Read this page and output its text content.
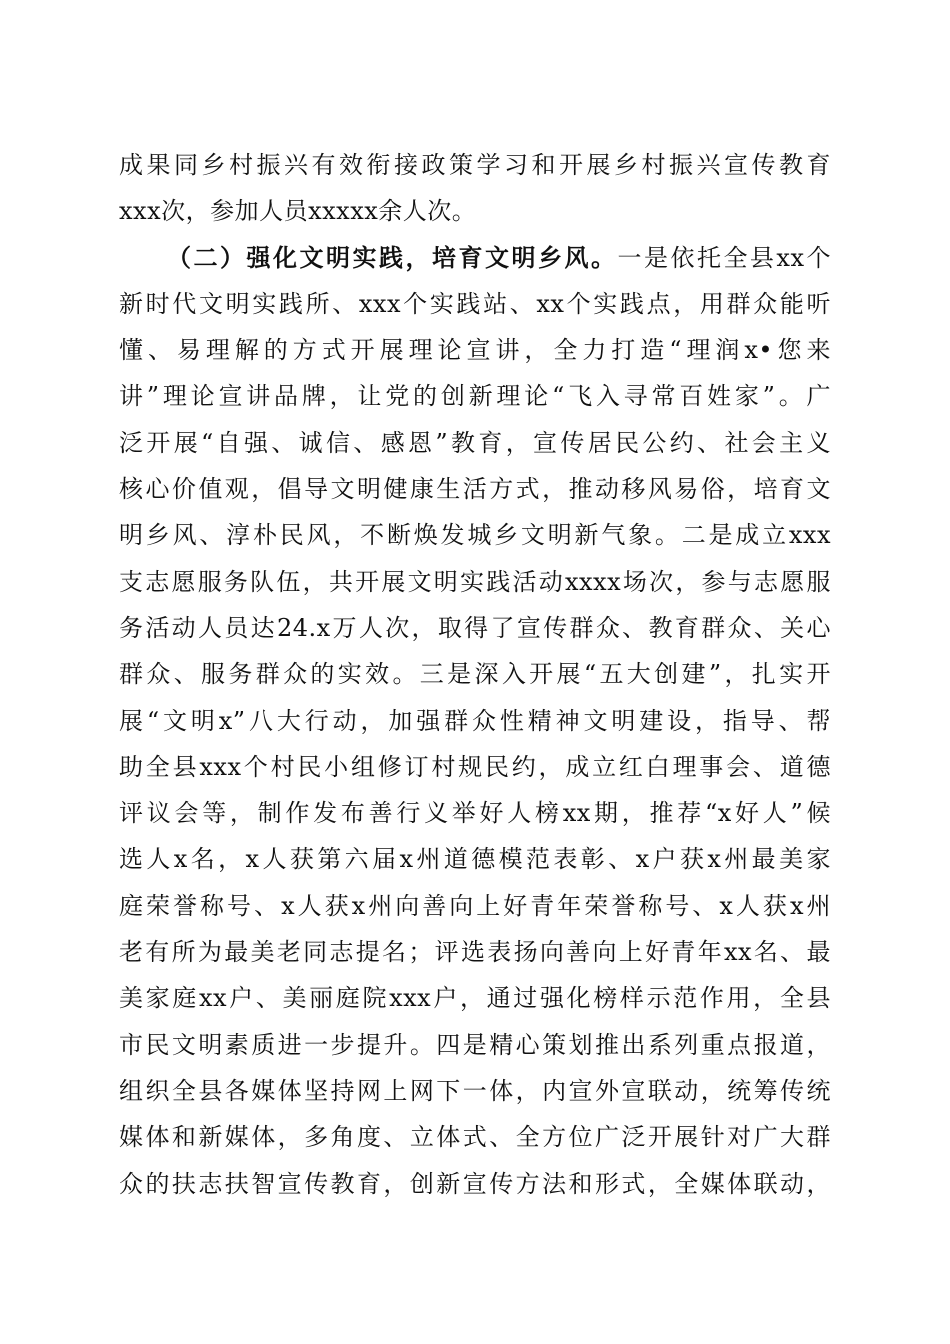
成果同乡村振兴有效衔接政策学习和开展乡村振兴宣传教育
xxx次，参加人员xxxxx余人次。
（二）强化文明实践，培育文明乡风。一是依托全县xx个
新时代文明实践所、xxx个实践站、xx个实践点，用群众能听
懂、易理解的方式开展理论宣讲，全力打造“理润x•您来
讲”理论宣讲品牌，让党的创新理论“飞入寻常百姓家”。广
泛开展“自强、诚信、感恩”教育，宣传居民公约、社会主义
核心价值观，倡导文明健康生活方式，推动移风易俗，培育文
明乡风、淳朴民风，不断焕发城乡文明新气象。二是成立xxx
支志愿服务队伍，共开展文明实践活动xxxx场次，参与志愿服
务活动人员达24.x万人次，取得了宣传群众、教育群众、关心
群众、服务群众的实效。三是深入开展“五大创建”，扎实开
展“文明x”八大行动，加强群众性精神文明建设，指导、帮
助全县xxx个村民小组修订村规民约，成立红白理事会、道德
评议会等，制作发布善行义举好人榜xx期，推荐“x好人”候
选人x名，x人获第六届x州道德模范表彰、x户获x州最美家
庭荣誉称号、x人获x州向善向上好青年荣誉称号、x人获x州
老有所为最美老同志提名；评选表扬向善向上好青年xx名、最
美家庭xx户、美丽庭院xxx户，通过强化榜样示范作用，全县
市民文明素质进一步提升。四是精心策划推出系列重点报道，
组织全县各媒体坚持网上网下一体，内宣外宣联动，统筹传统
媒体和新媒体，多角度、立体式、全方位广泛开展针对广大群
众的扶志扶智宣传教育，创新宣传方法和形式，全媒体联动，
